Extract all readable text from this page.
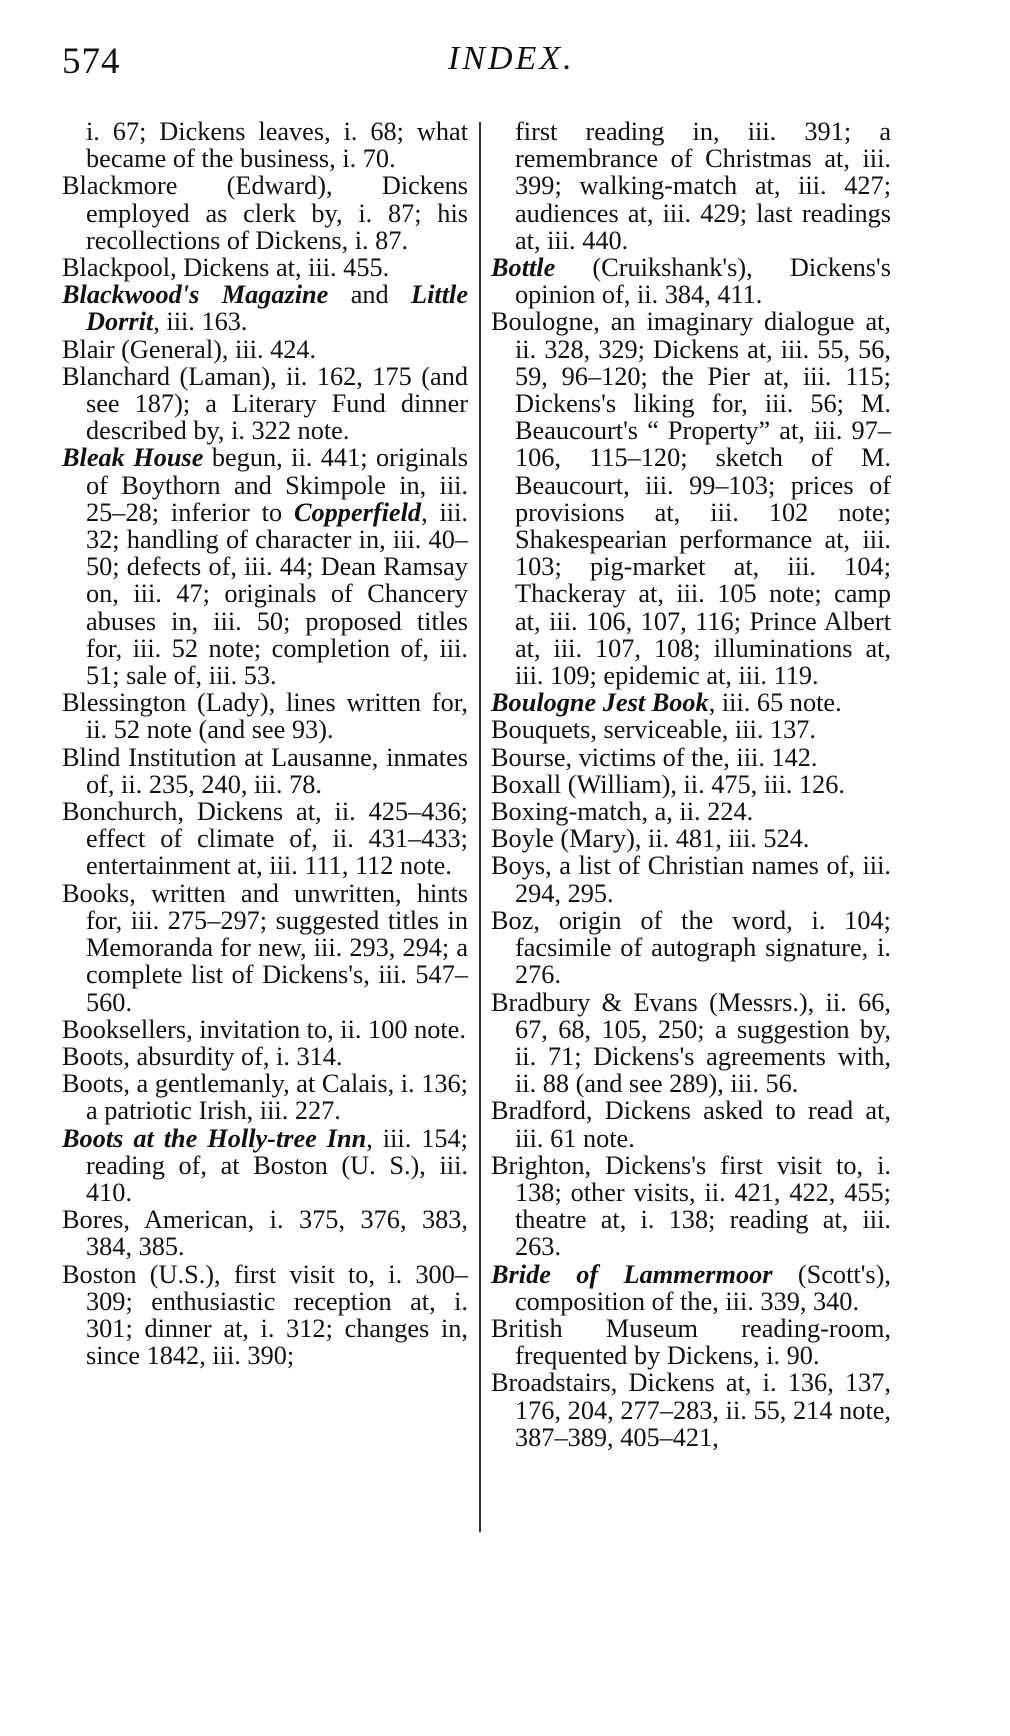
574	INDEX.

i. 67; Dickens leaves, i. 68; what became of the business, i. 70.

Blackmore (Edward), Dickens employed as clerk by, i. 87; his recollections of Dickens, i. 87.

Blackpool, Dickens at, iii. 455.

Blackwood's Magazine and Little Dorrit, iii. 163.

Blair (General), iii. 424.

Blanchard (Laman), ii. 162, 175 (and see 187); a Literary Fund dinner described by, i. 322 note.

Bleak House begun, ii. 441; originals of Boythorn and Skimpole in, iii. 25–28; inferior to Copperfield, iii. 32; handling of character in, iii. 40–50; defects of, iii. 44; Dean Ramsay on, iii. 47; originals of Chancery abuses in, iii. 50; proposed titles for, iii. 52 note; completion of, iii. 51; sale of, iii. 53.

Blessington (Lady), lines written for, ii. 52 note (and see 93).

Blind Institution at Lausanne, inmates of, ii. 235, 240, iii. 78.

Bonchurch, Dickens at, ii. 425–436; effect of climate of, ii. 431–433; entertainment at, iii. 111, 112 note.

Books, written and unwritten, hints for, iii. 275–297; suggested titles in Memoranda for new, iii. 293, 294; a complete list of Dickens's, iii. 547–560.

Booksellers, invitation to, ii. 100 note.

Boots, absurdity of, i. 314.

Boots, a gentlemanly, at Calais, i. 136; a patriotic Irish, iii. 227.

Boots at the Holly-tree Inn, iii. 154; reading of, at Boston (U. S.), iii. 410.

Bores, American, i. 375, 376, 383, 384, 385.

Boston (U.S.), first visit to, i. 300–309; enthusiastic reception at, i. 301; dinner at, i. 312; changes in, since 1842, iii. 390;

first reading in, iii. 391; a remembrance of Christmas at, iii. 399; walking-match at, iii. 427; audiences at, iii. 429; last readings at, iii. 440.

Bottle (Cruikshank's), Dickens's opinion of, ii. 384, 411.

Boulogne, an imaginary dialogue at, ii. 328, 329; Dickens at, iii. 55, 56, 59, 96–120; the Pier at, iii. 115; Dickens's liking for, iii. 56; M. Beaucourt's “ Property” at, iii. 97–106, 115–120; sketch of M. Beaucourt, iii. 99–103; prices of provisions at, iii. 102 note; Shakespearian performance at, iii. 103; pig-market at, iii. 104; Thackeray at, iii. 105 note; camp at, iii. 106, 107, 116; Prince Albert at, iii. 107, 108; illuminations at, iii. 109; epidemic at, iii. 119.

Boulogne Jest Book, iii. 65 note.

Bouquets, serviceable, iii. 137.

Bourse, victims of the, iii. 142.

Boxall (William), ii. 475, iii. 126.

Boxing-match, a, ii. 224.

Boyle (Mary), ii. 481, iii. 524.

Boys, a list of Christian names of, iii. 294, 295.

Boz, origin of the word, i. 104; facsimile of autograph signature, i. 276.

Bradbury & Evans (Messrs.), ii. 66, 67, 68, 105, 250; a suggestion by, ii. 71; Dickens's agreements with, ii. 88 (and see 289), iii. 56.

Bradford, Dickens asked to read at, iii. 61 note.

Brighton, Dickens's first visit to, i. 138; other visits, ii. 421, 422, 455; theatre at, i. 138; reading at, iii. 263.

Bride of Lammermoor (Scott's), composition of the, iii. 339, 340.

British Museum reading-room, frequented by Dickens, i. 90.

Broadstairs, Dickens at, i. 136, 137, 176, 204, 277–283, ii. 55, 214 note, 387–389, 405–421,
